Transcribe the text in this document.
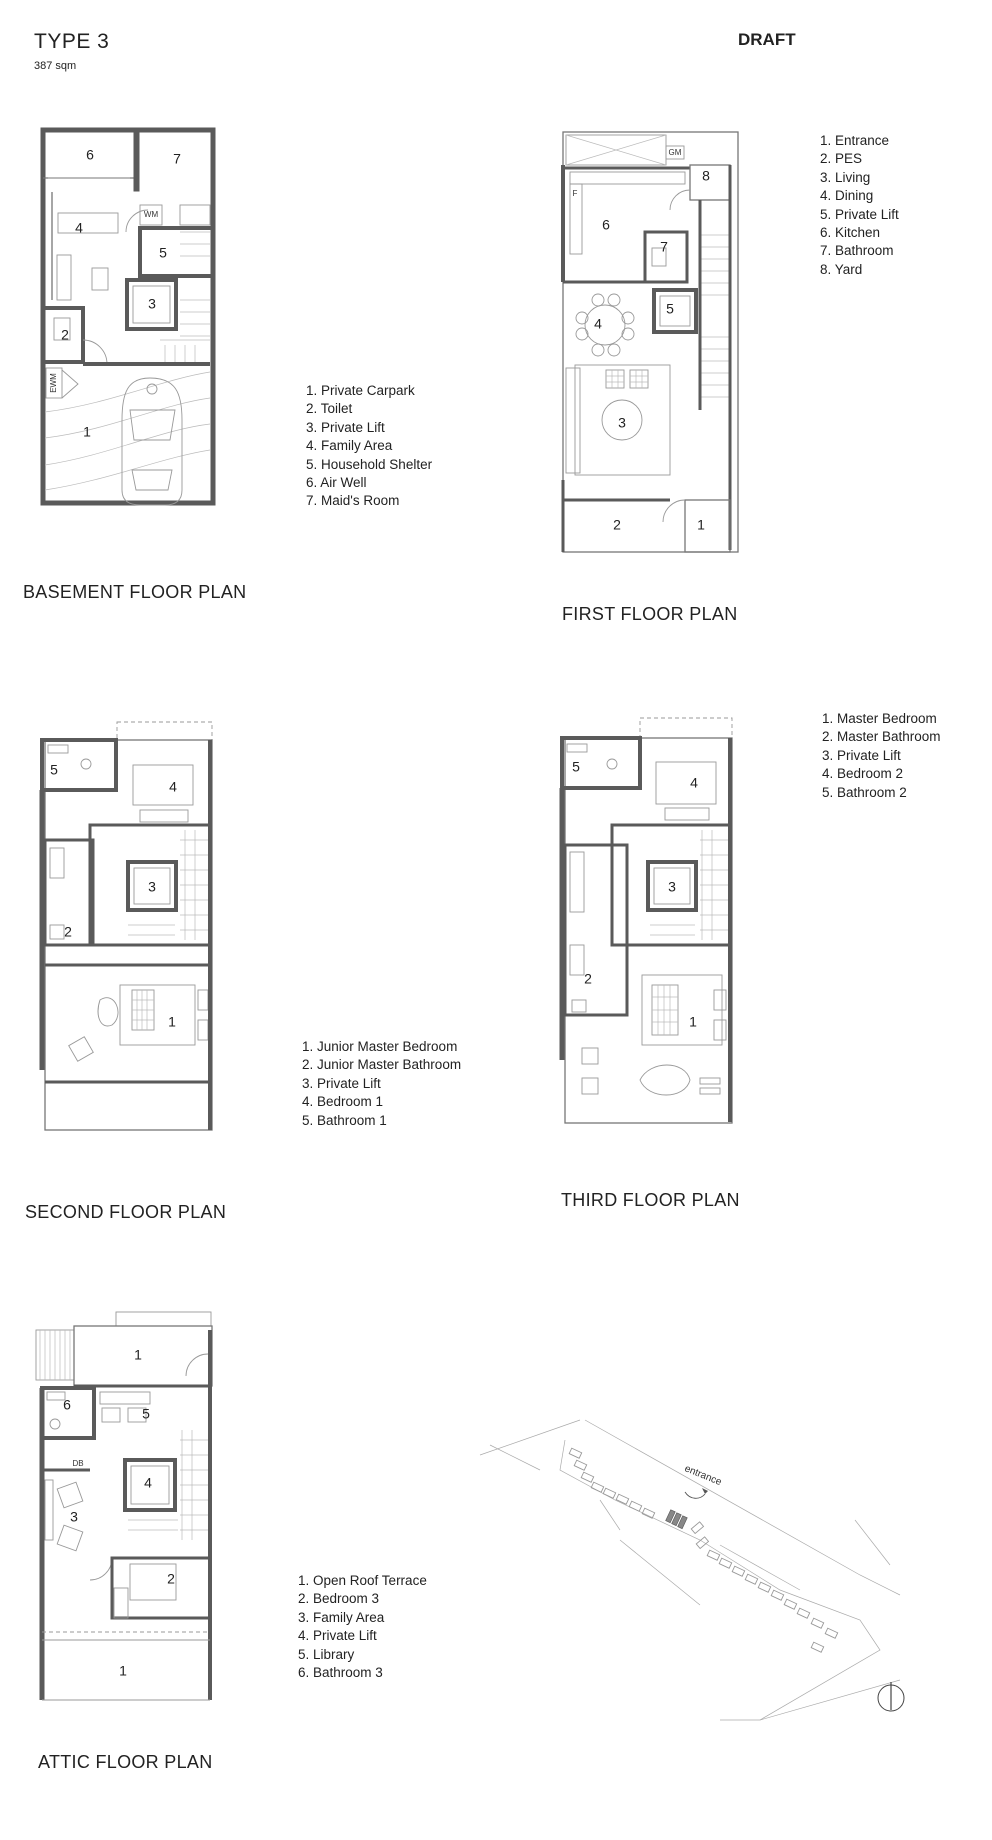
TYPE 3
387 sqm
DRAFT
6	7
4
5
3
2
1
WM
EWM
BASEMENT FLOOR PLAN
1. Private Carpark
2. Toilet
3. Private Lift
4. Family Area
5. Household Shelter
6. Air Well
7. Maid's Room
6
8
7
5
4
3
2	1
GM
F
FIRST FLOOR PLAN
1. Entrance
2. PES
3. Living
4. Dining
5. Private Lift
6. Kitchen
7. Bathroom
8. Yard
5
4
3
2
1
SECOND FLOOR PLAN
1. Junior Master Bedroom
2. Junior Master Bathroom
3. Private Lift
4. Bedroom 1
5. Bathroom 1
5
4
3
2
1
THIRD FLOOR PLAN
1. Master Bedroom
2. Master Bathroom
3. Private Lift
4. Bedroom 2
5. Bathroom 2
1
6
5
4
3
2
1
DB
ATTIC FLOOR PLAN
1. Open Roof Terrace
2. Bedroom 3
3. Family Area
4. Private Lift
5. Library
6. Bathroom 3
entrance
